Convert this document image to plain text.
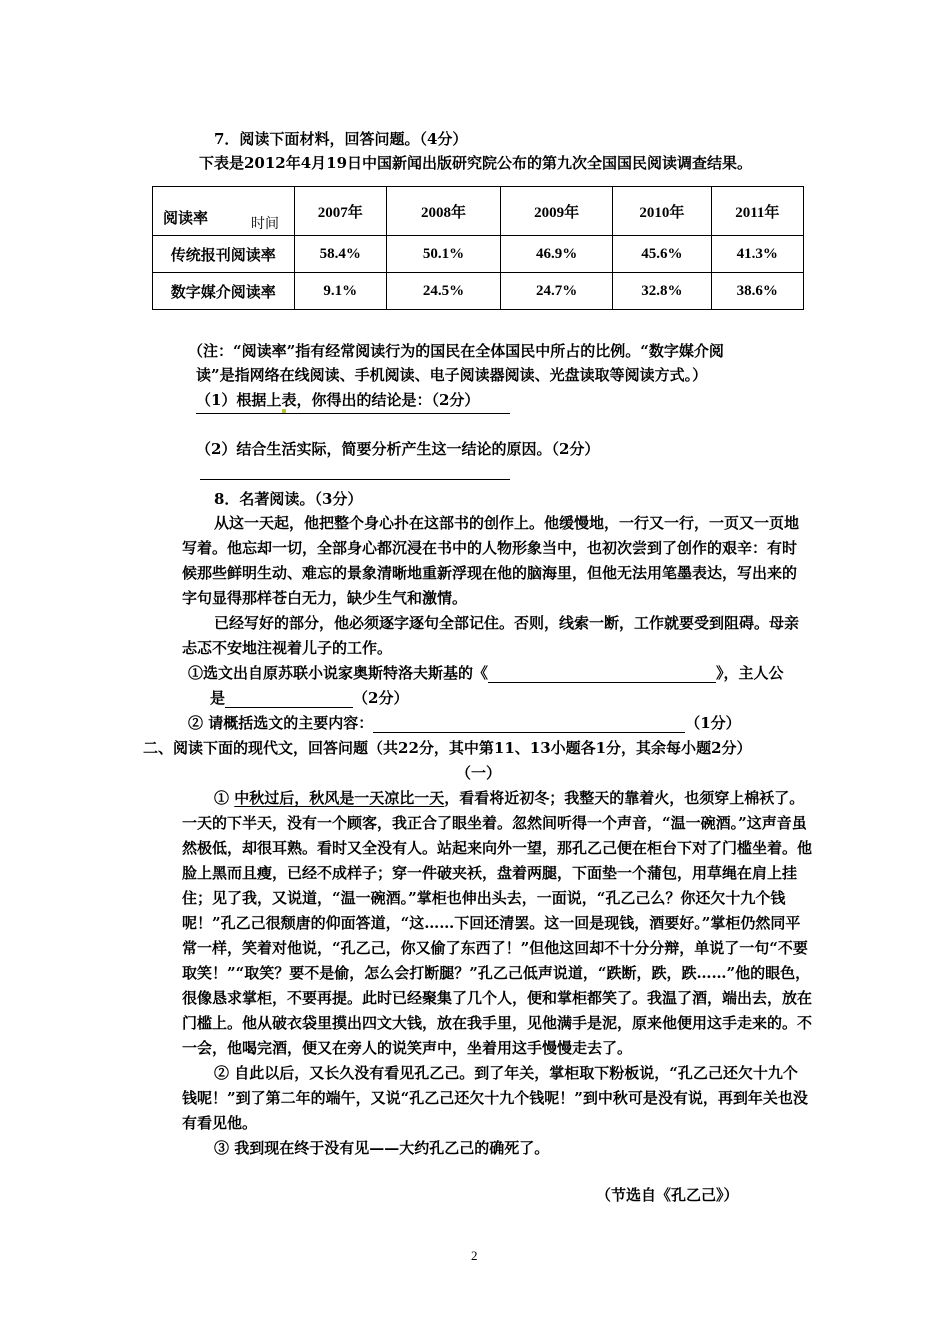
7．阅读下面材料，回答问题。（4分）
下表是2012年4月19日中国新闻出版研究院公布的第九次全国国民阅读调查结果。
阅读率 时间	2007年	2008年	2009年	2010年	2011年
传统报刊阅读率	58.4%	50.1%	46.9%	45.6%	41.3%
数字媒介阅读率	9.1%	24.5%	24.7%	32.8%	38.6%
（注：“阅读率”指有经常阅读行为的国民在全体国民中所占的比例。“数字媒介阅
读”是指网络在线阅读、手机阅读、电子阅读器阅读、光盘读取等阅读方式。）
（1）根据上表，你得出的结论是：（2分）
（2）结合生活实际，简要分析产生这一结论的原因。（2分）
8．名著阅读。（3分）

从这一天起，他把整个身心扑在这部书的创作上。他缓慢地，一行又一行，一页又一页地写着。他忘却一切，全部身心都沉浸在书中的人物形象当中，也初次尝到了创作的艰辛：有时候那些鲜明生动、难忘的景象清晰地重新浮现在他的脑海里，但他无法用笔墨表达，写出来的字句显得那样苍白无力，缺少生气和激情。

已经写好的部分，他必须逐字逐句全部记住。否则，线索一断，工作就要受到阻碍。母亲忐忑不安地注视着儿子的工作。

①选文出自原苏联小说家奥斯特洛夫斯基的《	》，主人公
是	（2分）
② 请概括选文的主要内容：	（1分）
二、阅读下面的现代文，回答问题（共22分，其中第11、13小题各1分，其余每小题2分）
（一）

① 中秋过后，秋风是一天凉比一天，看看将近初冬；我整天的靠着火，也须穿上棉袄了。一天的下半天，没有一个顾客，我正合了眼坐着。忽然间听得一个声音，“温一碗酒。”这声音虽然极低，却很耳熟。看时又全没有人。站起来向外一望，那孔乙己便在柜台下对了门槛坐着。他脸上黑而且瘦，已经不成样子；穿一件破夹袄，盘着两腿，下面垫一个蒲包，用草绳在肩上挂住；见了我，又说道，“温一碗酒。”掌柜也伸出头去，一面说，“孔乙己么？你还欠十九个钱呢！”孔乙己很颓唐的仰面答道，“这……下回还清罢。这一回是现钱，酒要好。”掌柜仍然同平常一样，笑着对他说，“孔乙己，你又偷了东西了！”但他这回却不十分分辩，单说了一句“不要取笑！”“取笑？要不是偷，怎么会打断腿？”孔乙己低声说道，“跌断，跌，跌……”他的眼色，很像恳求掌柜，不要再提。此时已经聚集了几个人，便和掌柜都笑了。我温了酒，端出去，放在门槛上。他从破衣袋里摸出四文大钱，放在我手里，见他满手是泥，原来他便用这手走来的。不一会，他喝完酒，便又在旁人的说笑声中，坐着用这手慢慢走去了。

② 自此以后，又长久没有看见孔乙己。到了年关，掌柜取下粉板说，“孔乙己还欠十九个钱呢！”到了第二年的端午，又说“孔乙己还欠十九个钱呢！”到中秋可是没有说，再到年关也没有看见他。

③ 我到现在终于没有见——大约孔乙己的确死了。

（节选自《孔乙己》）
2
